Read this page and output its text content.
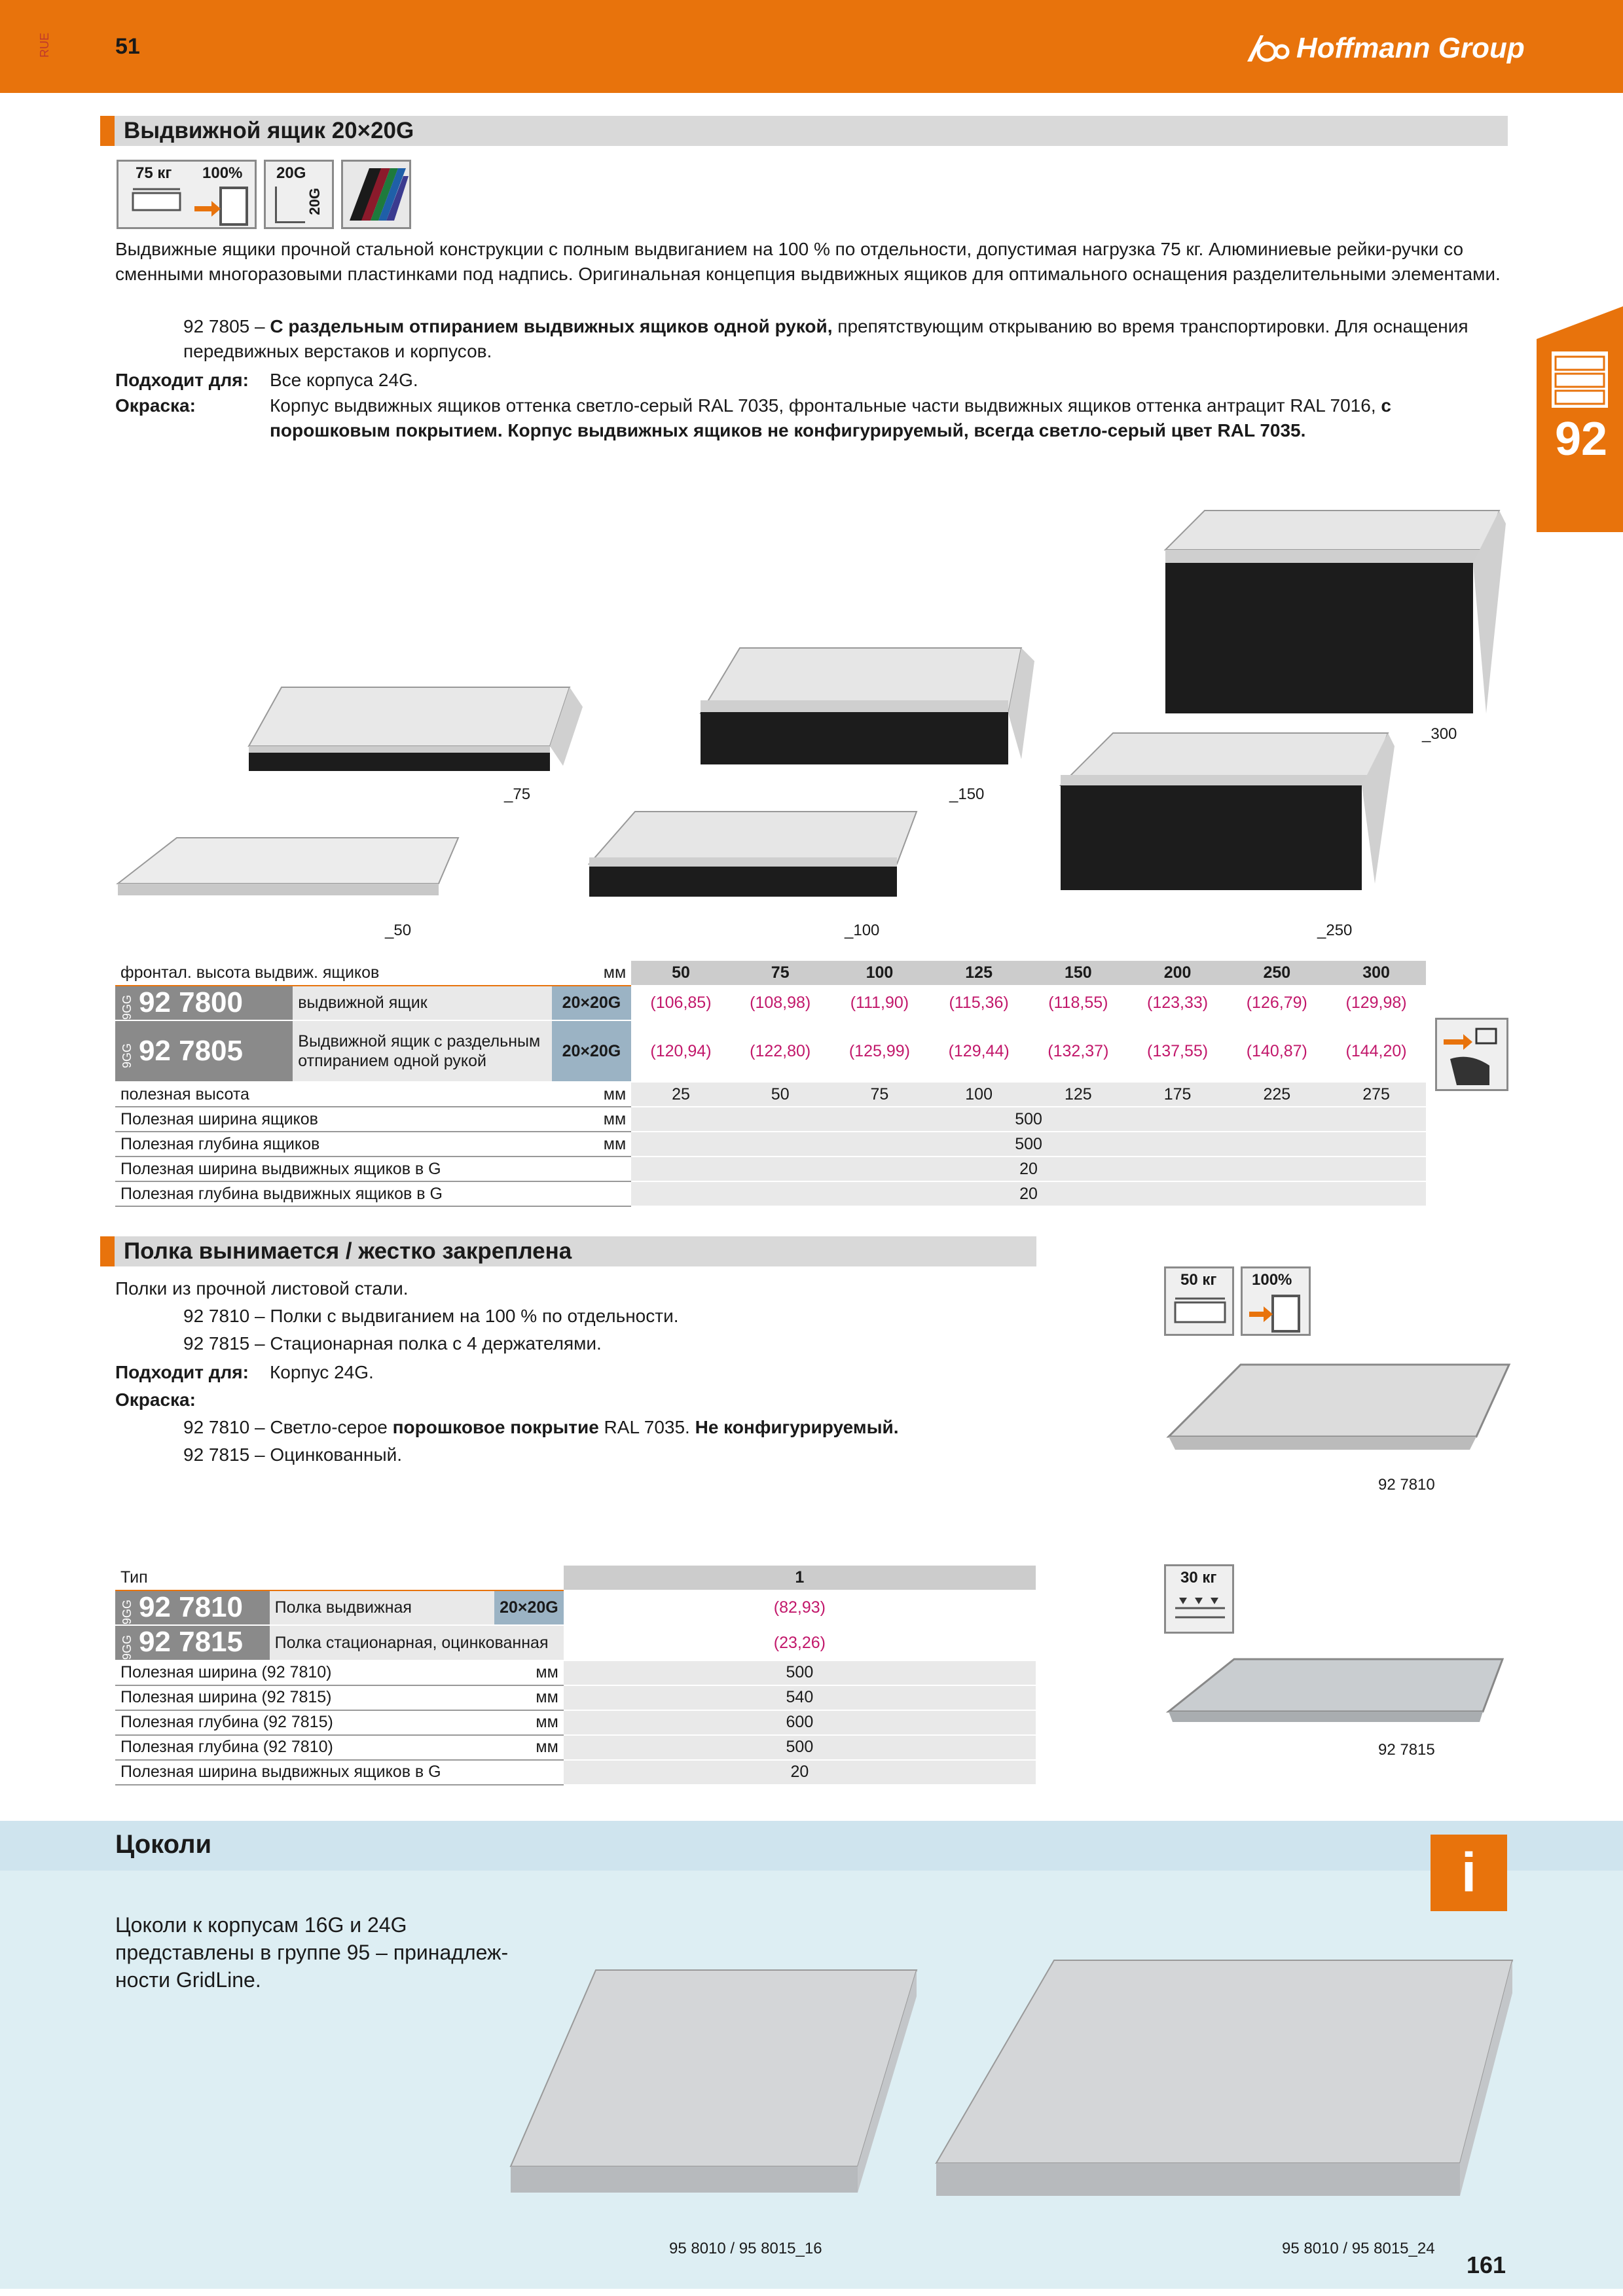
RUE	51	Hoffmann Group
92
Выдвижной ящик 20×20G
75 кг 100% 20G
20G
Выдвижные ящики прочной стальной конструкции с полным выдвиганием на 100 % по отдельности, допустимая нагрузка 75 кг. Алюминиевые рейки-ручки со сменными многоразовыми пластинками под надпись. Оригинальная концепция выдвижных ящиков для оптимального оснащения разделительными элементами.
92 7805 – С раздельным отпиранием выдвижных ящиков одной рукой, препятствующим открыванию во время транспортировки. Для оснащения передвижных верстаков и корпусов.
Подходит для: Все корпуса 24G.
Окраска:	Корпус выдвижных ящиков оттенка светло-серый RAL 7035, фронтальные части выдвижных ящиков оттенка антрацит RAL 7016, с порошковым покрытием. Корпус выдвижных ящиков не конфигурируемый, всегда светло-серый цвет RAL 7035.
_75	_150
_300
_50	_100	_250
фронтал. высота выдвиж. ящиков		мм	50	75	100	125	150	200	250	300
9GG 92 7800	выдвижной ящик	20×20G	(106,85)	(108,98)	(111,90)	(115,36)	(118,55)	(123,33)	(126,79)	(129,98)
9GG 92 7805	Выдвижной ящик с раздельным отпиранием одной рукой	20×20G	(120,94)	(122,80)	(125,99)	(129,44)	(132,37)	(137,55)	(140,87)	(144,20)
полезная высота		мм	25	50	75	100	125	175	225	275
Полезная ширина ящиков		мм	500							
Полезная глубина ящиков		мм	500							
Полезная ширина выдвижных ящиков в G			20							
Полезная глубина выдвижных ящиков в G			20							
Полка вынимается / жестко закреплена
Полки из прочной листовой стали.
92 7810 – Полки с выдвиганием на 100 % по отдельности.
92 7815 – Стационарная полка с 4 держателями.
Подходит для: Корпус 24G.
Окраска:
92 7810 – Светло-серое порошковое покрытие RAL 7035. Не конфигурируемый.
92 7815 – Оцинкованный.
50 кг 100%
92 7810
Тип			1
9GG 92 7810	Полка выдвижная	20×20G	(82,93)
9GG 92 7815	Полка стационарная, оцинкованная		(23,26)
Полезная ширина (92 7810)		мм	500
Полезная ширина (92 7815)		мм	540
Полезная глубина (92 7815)		мм	600
Полезная глубина (92 7810)		мм	500
Полезная ширина выдвижных ящиков в G			20
30 кг
92 7815
Цоколи	i
Цоколи к корпусам 16G и 24G представлены в группе 95 – принадлеж-ности GridLine.
95 8010 / 95 8015_16	95 8010 / 95 8015_24
161
